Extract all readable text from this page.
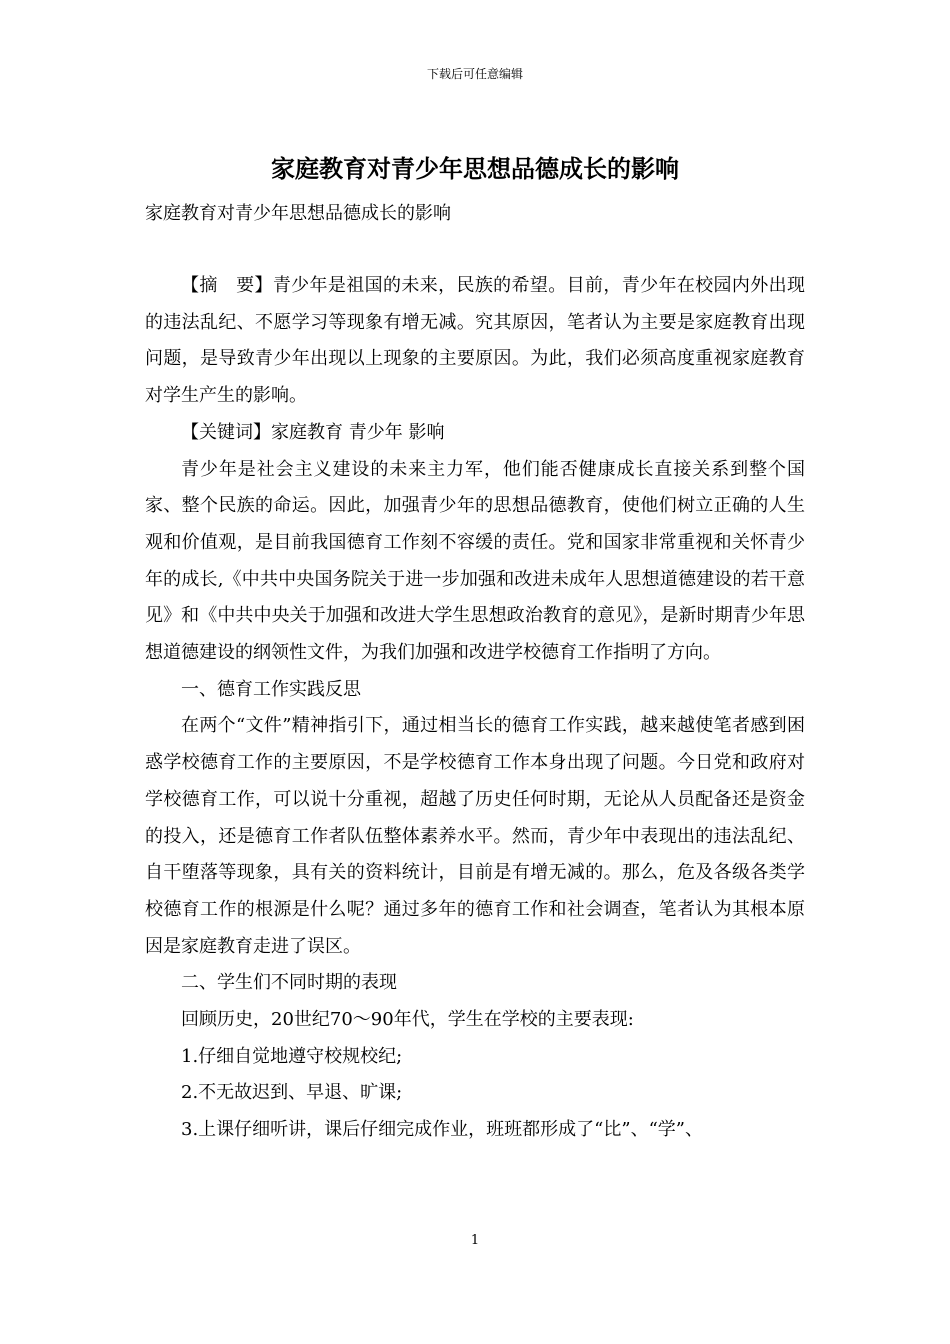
下载后可任意编辑
家庭教育对青少年思想品德成长的影响
家庭教育对青少年思想品德成长的影响

【摘　要】青少年是祖国的未来，民族的希望。目前，青少年在校园内外出现的违法乱纪、不愿学习等现象有增无减。究其原因，笔者认为主要是家庭教育出现问题，是导致青少年出现以上现象的主要原因。为此，我们必须高度重视家庭教育对学生产生的影响。

【关键词】家庭教育 青少年 影响

青少年是社会主义建设的未来主力军，他们能否健康成长直接关系到整个国家、整个民族的命运。因此，加强青少年的思想品德教育，使他们树立正确的人生观和价值观，是目前我国德育工作刻不容缓的责任。党和国家非常重视和关怀青少年的成长,《中共中央国务院关于进一步加强和改进未成年人思想道德建设的若干意见》和《中共中央关于加强和改进大学生思想政治教育的意见》，是新时期青少年思想道德建设的纲领性文件，为我们加强和改进学校德育工作指明了方向。

一、德育工作实践反思

在两个“文件”精神指引下，通过相当长的德育工作实践，越来越使笔者感到困惑学校德育工作的主要原因，不是学校德育工作本身出现了问题。今日党和政府对学校德育工作，可以说十分重视，超越了历史任何时期，无论从人员配备还是资金的投入，还是德育工作者队伍整体素养水平。然而，青少年中表现出的违法乱纪、自干堕落等现象，具有关的资料统计，目前是有增无减的。那么，危及各级各类学校德育工作的根源是什么呢？通过多年的德育工作和社会调查，笔者认为其根本原因是家庭教育走进了误区。

二、学生们不同时期的表现

回顾历史，20世纪70～90年代，学生在学校的主要表现:

1.仔细自觉地遵守校规校纪;

2.不无故迟到、早退、旷课;

3.上课仔细听讲，课后仔细完成作业，班班都形成了“比”、“学”、

1
